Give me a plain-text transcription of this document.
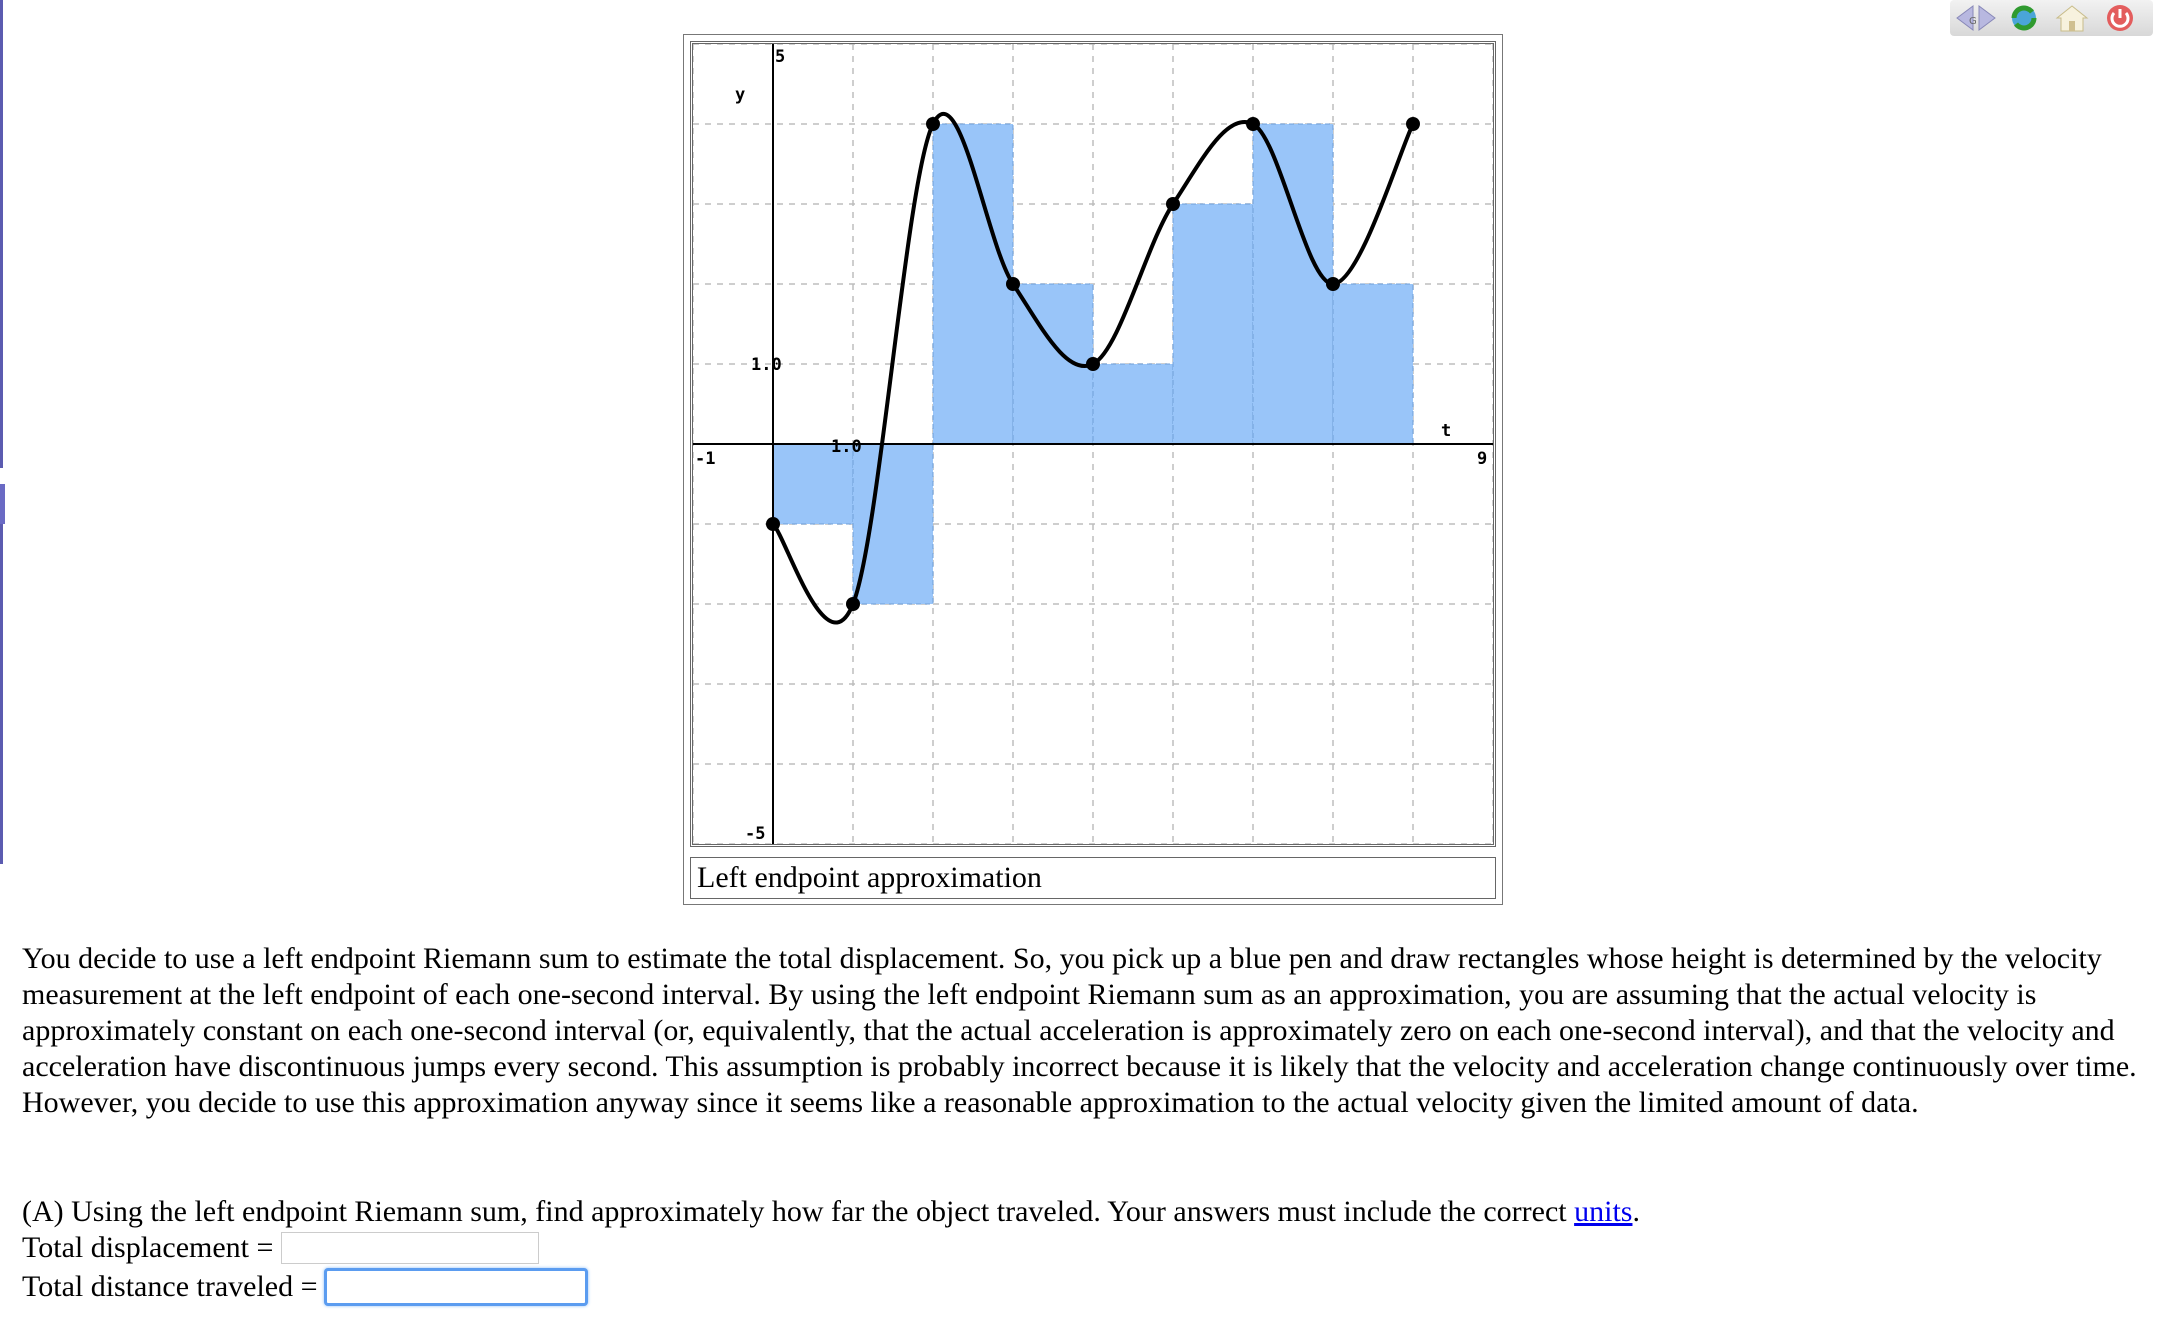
G
5
y
1.0
1.0
t
-1	9
-5
Left endpoint approximation
You decide to use a left endpoint Riemann sum to estimate the total displacement. So, you pick up a blue pen and draw rectangles whose height is determined by the velocity measurement at the left endpoint of each one-second interval. By using the left endpoint Riemann sum as an approximation, you are assuming that the actual velocity is approximately constant on each one-second interval (or, equivalently, that the actual acceleration is approximately zero on each one-second interval), and that the velocity and acceleration have discontinuous jumps every second. This assumption is probably incorrect because it is likely that the velocity and acceleration change continuously over time. However, you decide to use this approximation anyway since it seems like a reasonable approximation to the actual velocity given the limited amount of data.
(A) Using the left endpoint Riemann sum, find approximately how far the object traveled. Your answers must include the correct units.
Total displacement =
Total distance traveled =
